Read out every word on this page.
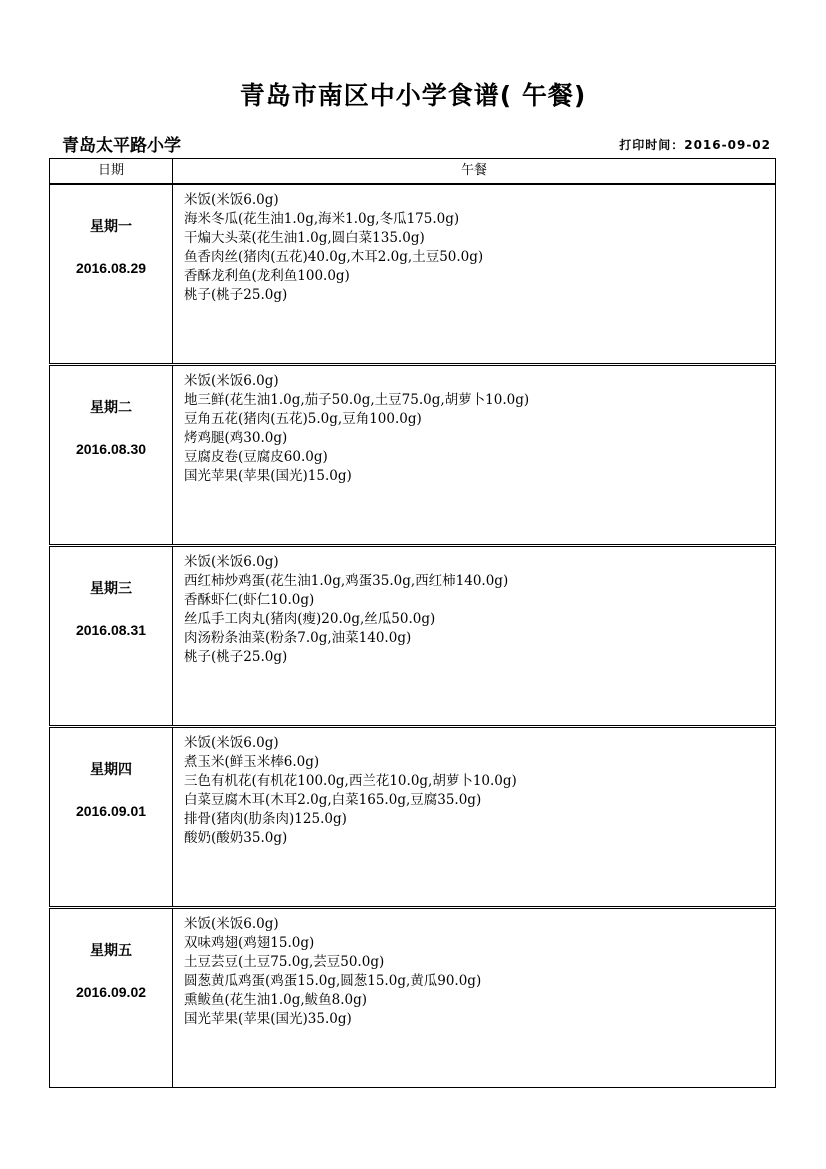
青岛市南区中小学食谱( 午餐)
青岛太平路小学	打印时间：2016-09-02
日期	午餐
星期一
2016.08.29
米饭(米饭6.0g)
海米冬瓜(花生油1.0g,海米1.0g,冬瓜175.0g)
干煸大头菜(花生油1.0g,圆白菜135.0g)
鱼香肉丝(猪肉(五花)40.0g,木耳2.0g,土豆50.0g)
香酥龙利鱼(龙利鱼100.0g)
桃子(桃子25.0g)
星期二
2016.08.30
米饭(米饭6.0g)
地三鲜(花生油1.0g,茄子50.0g,土豆75.0g,胡萝卜10.0g)
豆角五花(猪肉(五花)5.0g,豆角100.0g)
烤鸡腿(鸡30.0g)
豆腐皮卷(豆腐皮60.0g)
国光苹果(苹果(国光)15.0g)
星期三
2016.08.31
米饭(米饭6.0g)
西红柿炒鸡蛋(花生油1.0g,鸡蛋35.0g,西红柿140.0g)
香酥虾仁(虾仁10.0g)
丝瓜手工肉丸(猪肉(瘦)20.0g,丝瓜50.0g)
肉汤粉条油菜(粉条7.0g,油菜140.0g)
桃子(桃子25.0g)
星期四
2016.09.01
米饭(米饭6.0g)
煮玉米(鲜玉米棒6.0g)
三色有机花(有机花100.0g,西兰花10.0g,胡萝卜10.0g)
白菜豆腐木耳(木耳2.0g,白菜165.0g,豆腐35.0g)
排骨(猪肉(肋条肉)125.0g)
酸奶(酸奶35.0g)
星期五
2016.09.02
米饭(米饭6.0g)
双味鸡翅(鸡翅15.0g)
土豆芸豆(土豆75.0g,芸豆50.0g)
圆葱黄瓜鸡蛋(鸡蛋15.0g,圆葱15.0g,黄瓜90.0g)
熏鲅鱼(花生油1.0g,鲅鱼8.0g)
国光苹果(苹果(国光)35.0g)
